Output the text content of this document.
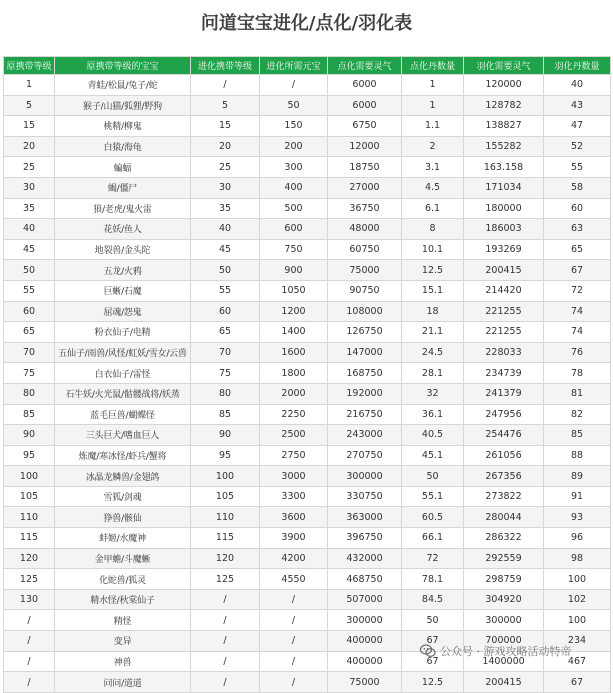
问道宝宝进化/点化/羽化表
原携带等级	原携带等级的宝宝	进化携带等级	进化所需元宝	点化需要灵气	点化丹数量	羽化需要灵气	羽化丹数量
1	青蛙/松鼠/兔子/蛇	/	/	6000	1	120000	40
5	猴子/山猫/狐狸/野狗	5	50	6000	1	128782	43
15	桃精/柳鬼	15	150	6750	1.1	138827	47
20	白猿/海龟	20	200	12000	2	155282	52
25	蝙蝠	25	300	18750	3.1	163.158	55
30	蝎/僵尸	30	400	27000	4.5	171034	58
35	狼/老虎/鬼火雷	35	500	36750	6.1	180000	60
40	花妖/鱼人	40	600	48000	8	186003	63
45	地裂兽/金头陀	45	750	60750	10.1	193269	65
50	五龙/火鸦	50	900	75000	12.5	200415	67
55	巨蜥/石魔	55	1050	90750	15.1	214420	72
60	屈魂/怨鬼	60	1200	108000	18	221255	74
65	粉衣仙子/电精	65	1400	126750	21.1	221255	74
70	五仙子/雨兽/风怪/虹妖/雪女/云兽	70	1600	147000	24.5	228033	76
75	白衣仙子/雷怪	75	1800	168750	28.1	234739	78
80	石牛妖/火光鼠/骷髅战将/妖蒸	80	2000	192000	32	241379	81
85	蓝毛巨兽/蝴蝶怪	85	2250	216750	36.1	247956	82
90	三头巨犬/嗜血巨人	90	2500	243000	40.5	254476	85
95	炼魔/寒冰怪/虾兵/蟹将	95	2750	270750	45.1	261056	88
100	冰晶龙鳞兽/金翅鸽	100	3000	300000	50	267356	89
105	雪狐/剑魂	105	3300	330750	55.1	273822	91
110	狰兽/骸仙	110	3600	363000	60.5	280044	93
115	蚌姬/水魔神	115	3900	396750	66.1	286322	96
120	金甲蟾/斗魔蜥	120	4200	432000	72	292559	98
125	化蛇兽/狐灵	125	4550	468750	78.1	298759	100
130	精水怪/秋棠仙子	/	/	507000	84.5	304920	102
/	精怪	/	/	300000	50	300000	100
/	变异	/	/	400000	67	700000	234
/	神兽	/	/	400000	67	1400000	467
/	问问/道道	/	/	75000	12.5	200415	67
公众号 · 游戏攻略活动特帝
